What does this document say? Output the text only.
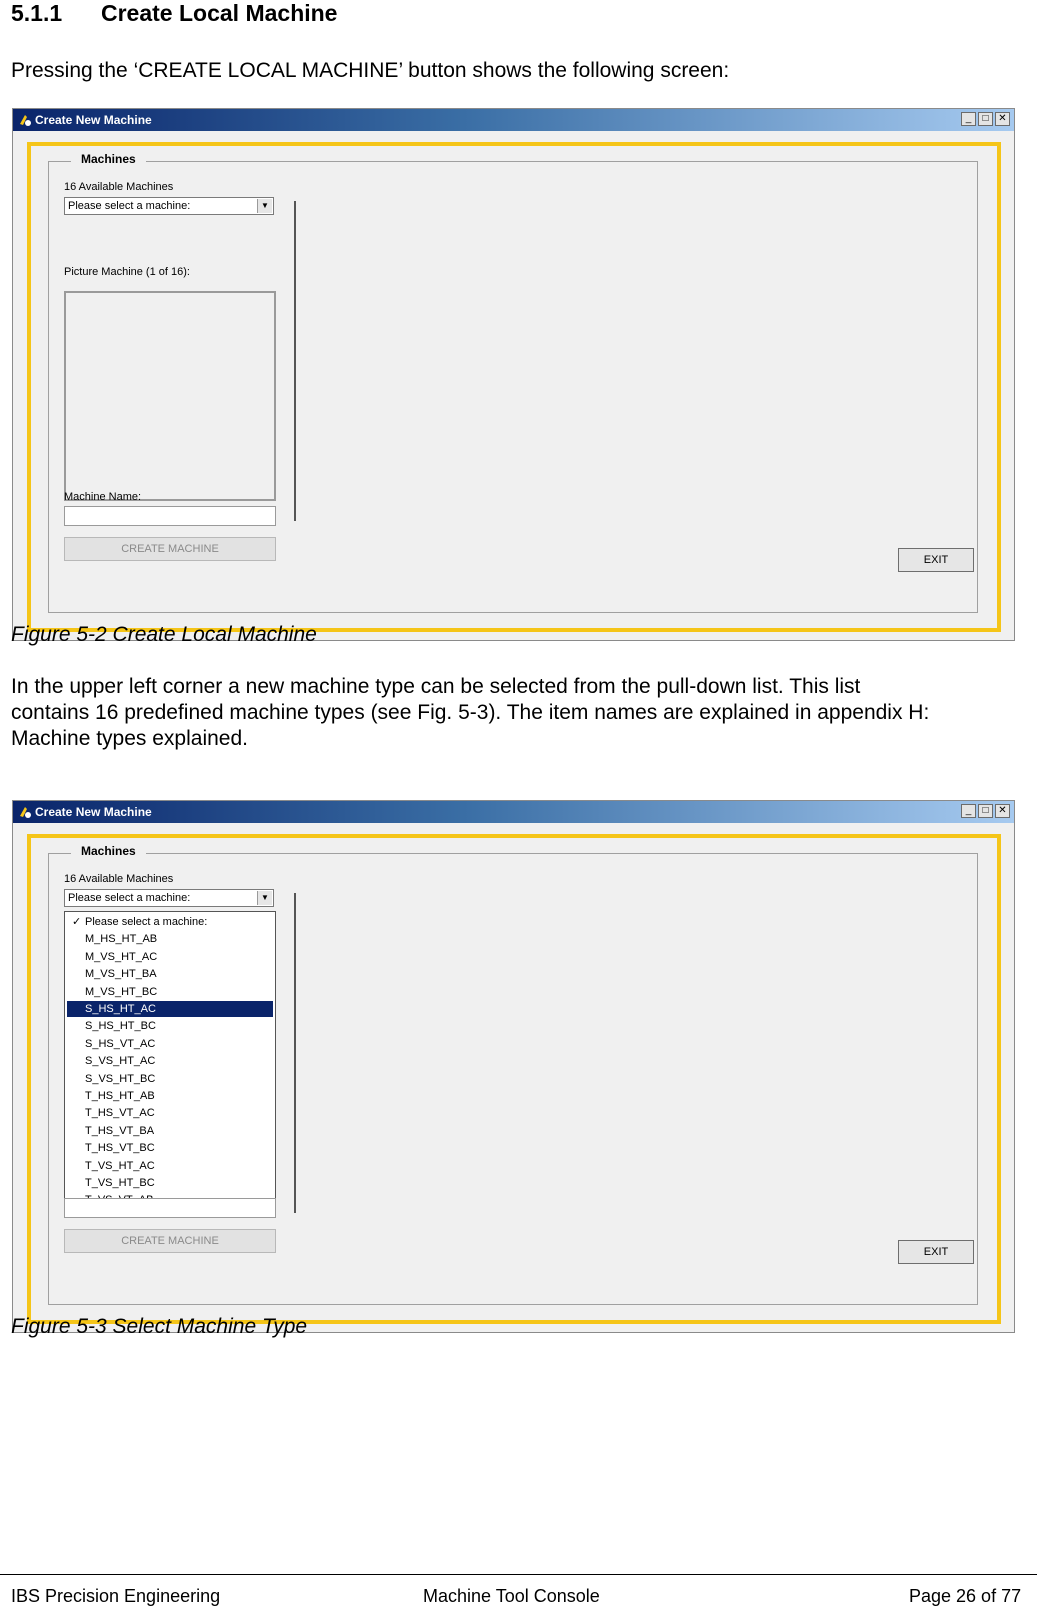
5.1.1 Create Local Machine
Pressing the ‘CREATE LOCAL MACHINE’ button shows the following screen:
Create New Machine	_	□ ✕
Machines
16 Available Machines
Please select a machine:	▼
Picture Machine (1 of 16):
Machine Name:
CREATE MACHINE
EXIT
Figure 5-2 Create Local Machine
In the upper left corner a new machine type can be selected from the pull-down list. This list
contains 16 predefined machine types (see Fig. 5-3). The item names are explained in appendix H:
Machine types explained.
Create New Machine	_	□ ✕
Machines
16 Available Machines
Please select a machine:	▼
✓ Please select a machine:
M_HS_HT_AB
M_VS_HT_AC
M_VS_HT_BA
M_VS_HT_BC
S_HS_HT_AC
S_HS_HT_BC
S_HS_VT_AC
S_VS_HT_AC
S_VS_HT_BC
T_HS_HT_AB
T_HS_VT_AC
T_HS_VT_BA
T_HS_VT_BC
T_VS_HT_AC
T_VS_HT_BC
CREATE MACHINE
EXIT
Figure 5-3 Select Machine Type
IBS Precision Engineering	Machine Tool Console	Page 26 of 77
